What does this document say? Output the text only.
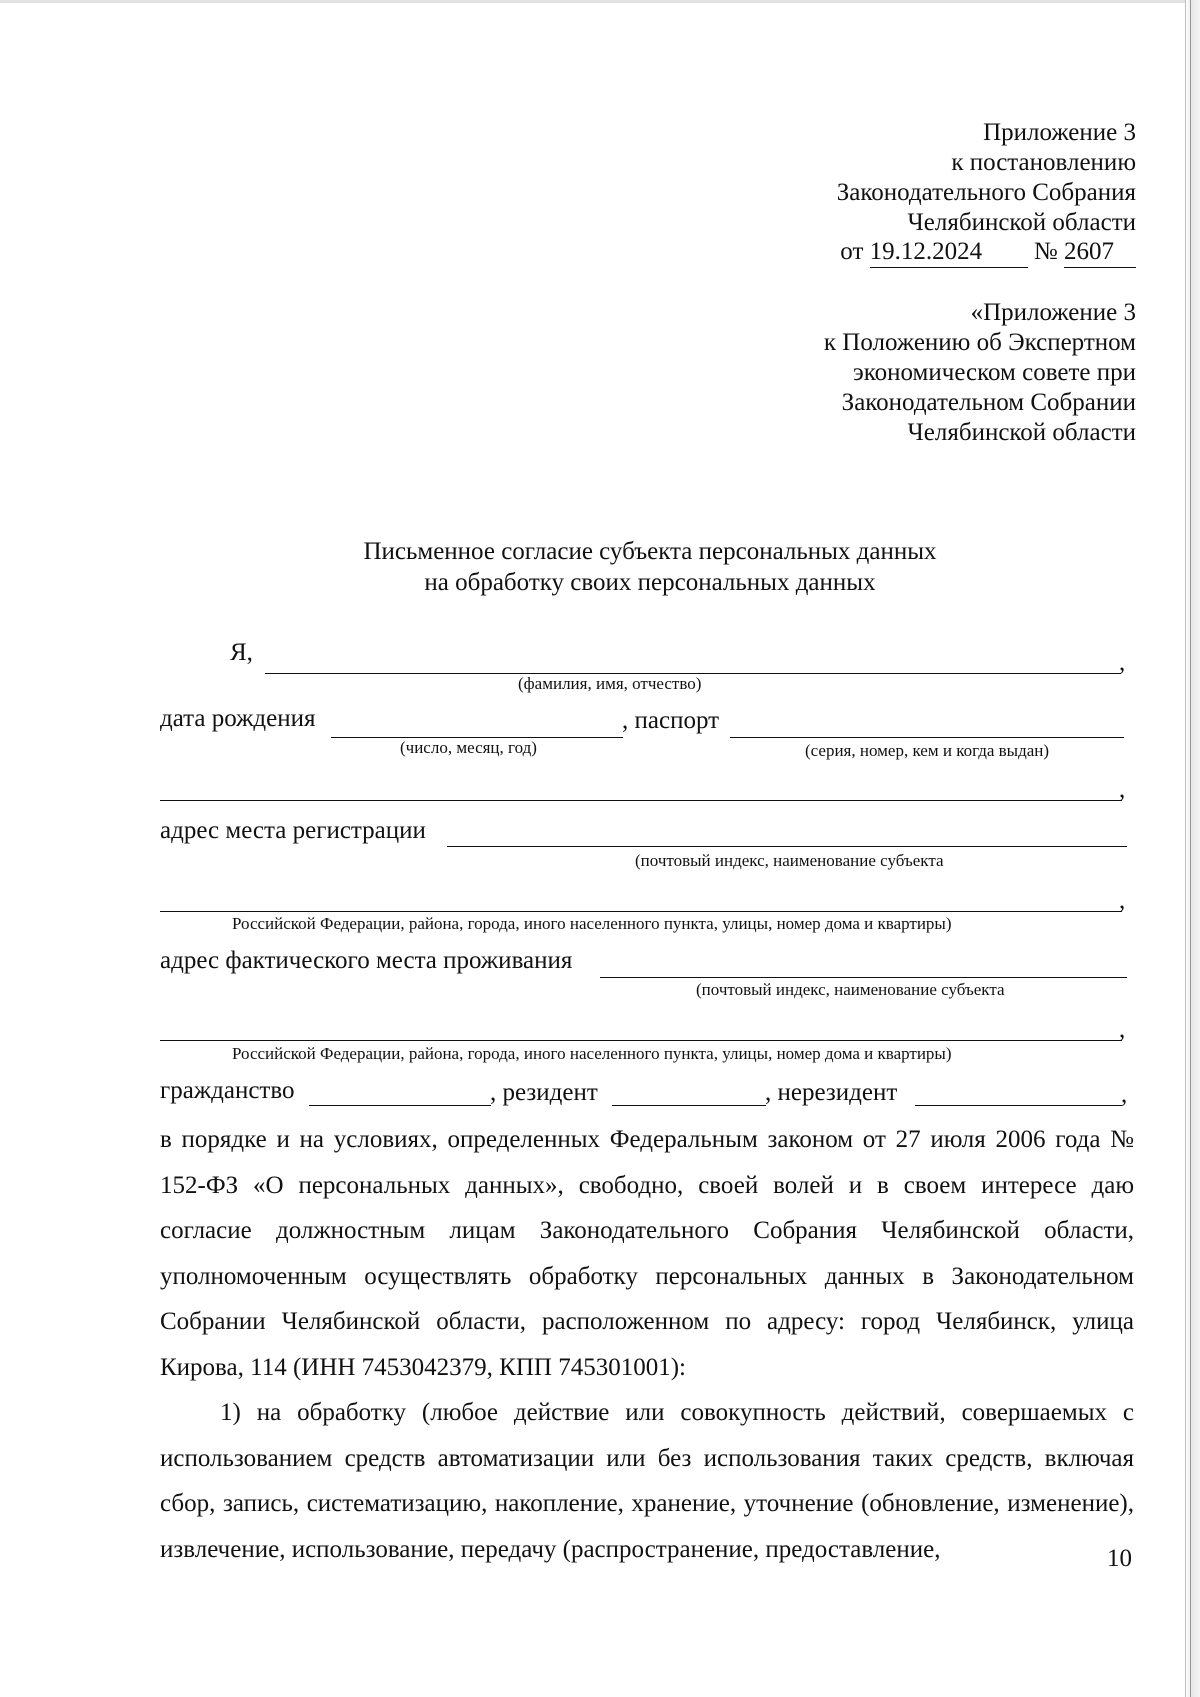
Приложение 3
к постановлению
Законодательного Собрания
Челябинской области
от 19.12.2024 № 2607
«Приложение 3
к Положению об Экспертном
экономическом совете при
Законодательном Собрании
Челябинской области
Письменное согласие субъекта персональных данных
на обработку своих персональных данных
Я,	,
(фамилия, имя, отчество)
дата рождения	, паспорт
(число, месяц, год)	(серия, номер, кем и когда выдан)
,
адрес места регистрации
(почтовый индекс, наименование субъекта
,
Российской Федерации, района, города, иного населенного пункта, улицы, номер дома и квартиры)
адрес фактического места проживания
(почтовый индекс, наименование субъекта
,
Российской Федерации, района, города, иного населенного пункта, улицы, номер дома и квартиры)
гражданство	, резидент	, нерезидент	,
в порядке и на условиях, определенных Федеральным законом от 27 июля 2006 года № 152-ФЗ «О персональных данных», свободно, своей волей и в своем интересе даю согласие должностным лицам Законодательного Собрания Челябинской области, уполномоченным осуществлять обработку персональных данных в Законодательном Собрании Челябинской области, расположенном по адресу: город Челябинск, улица Кирова, 114 (ИНН 7453042379, КПП 745301001):
1) на обработку (любое действие или совокупность действий, совершаемых с использованием средств автоматизации или без использования таких средств, включая сбор, запись, систематизацию, накопление, хранение, уточнение (обновление, изменение), извлечение, использование, передачу (распространение, предоставление,	10
